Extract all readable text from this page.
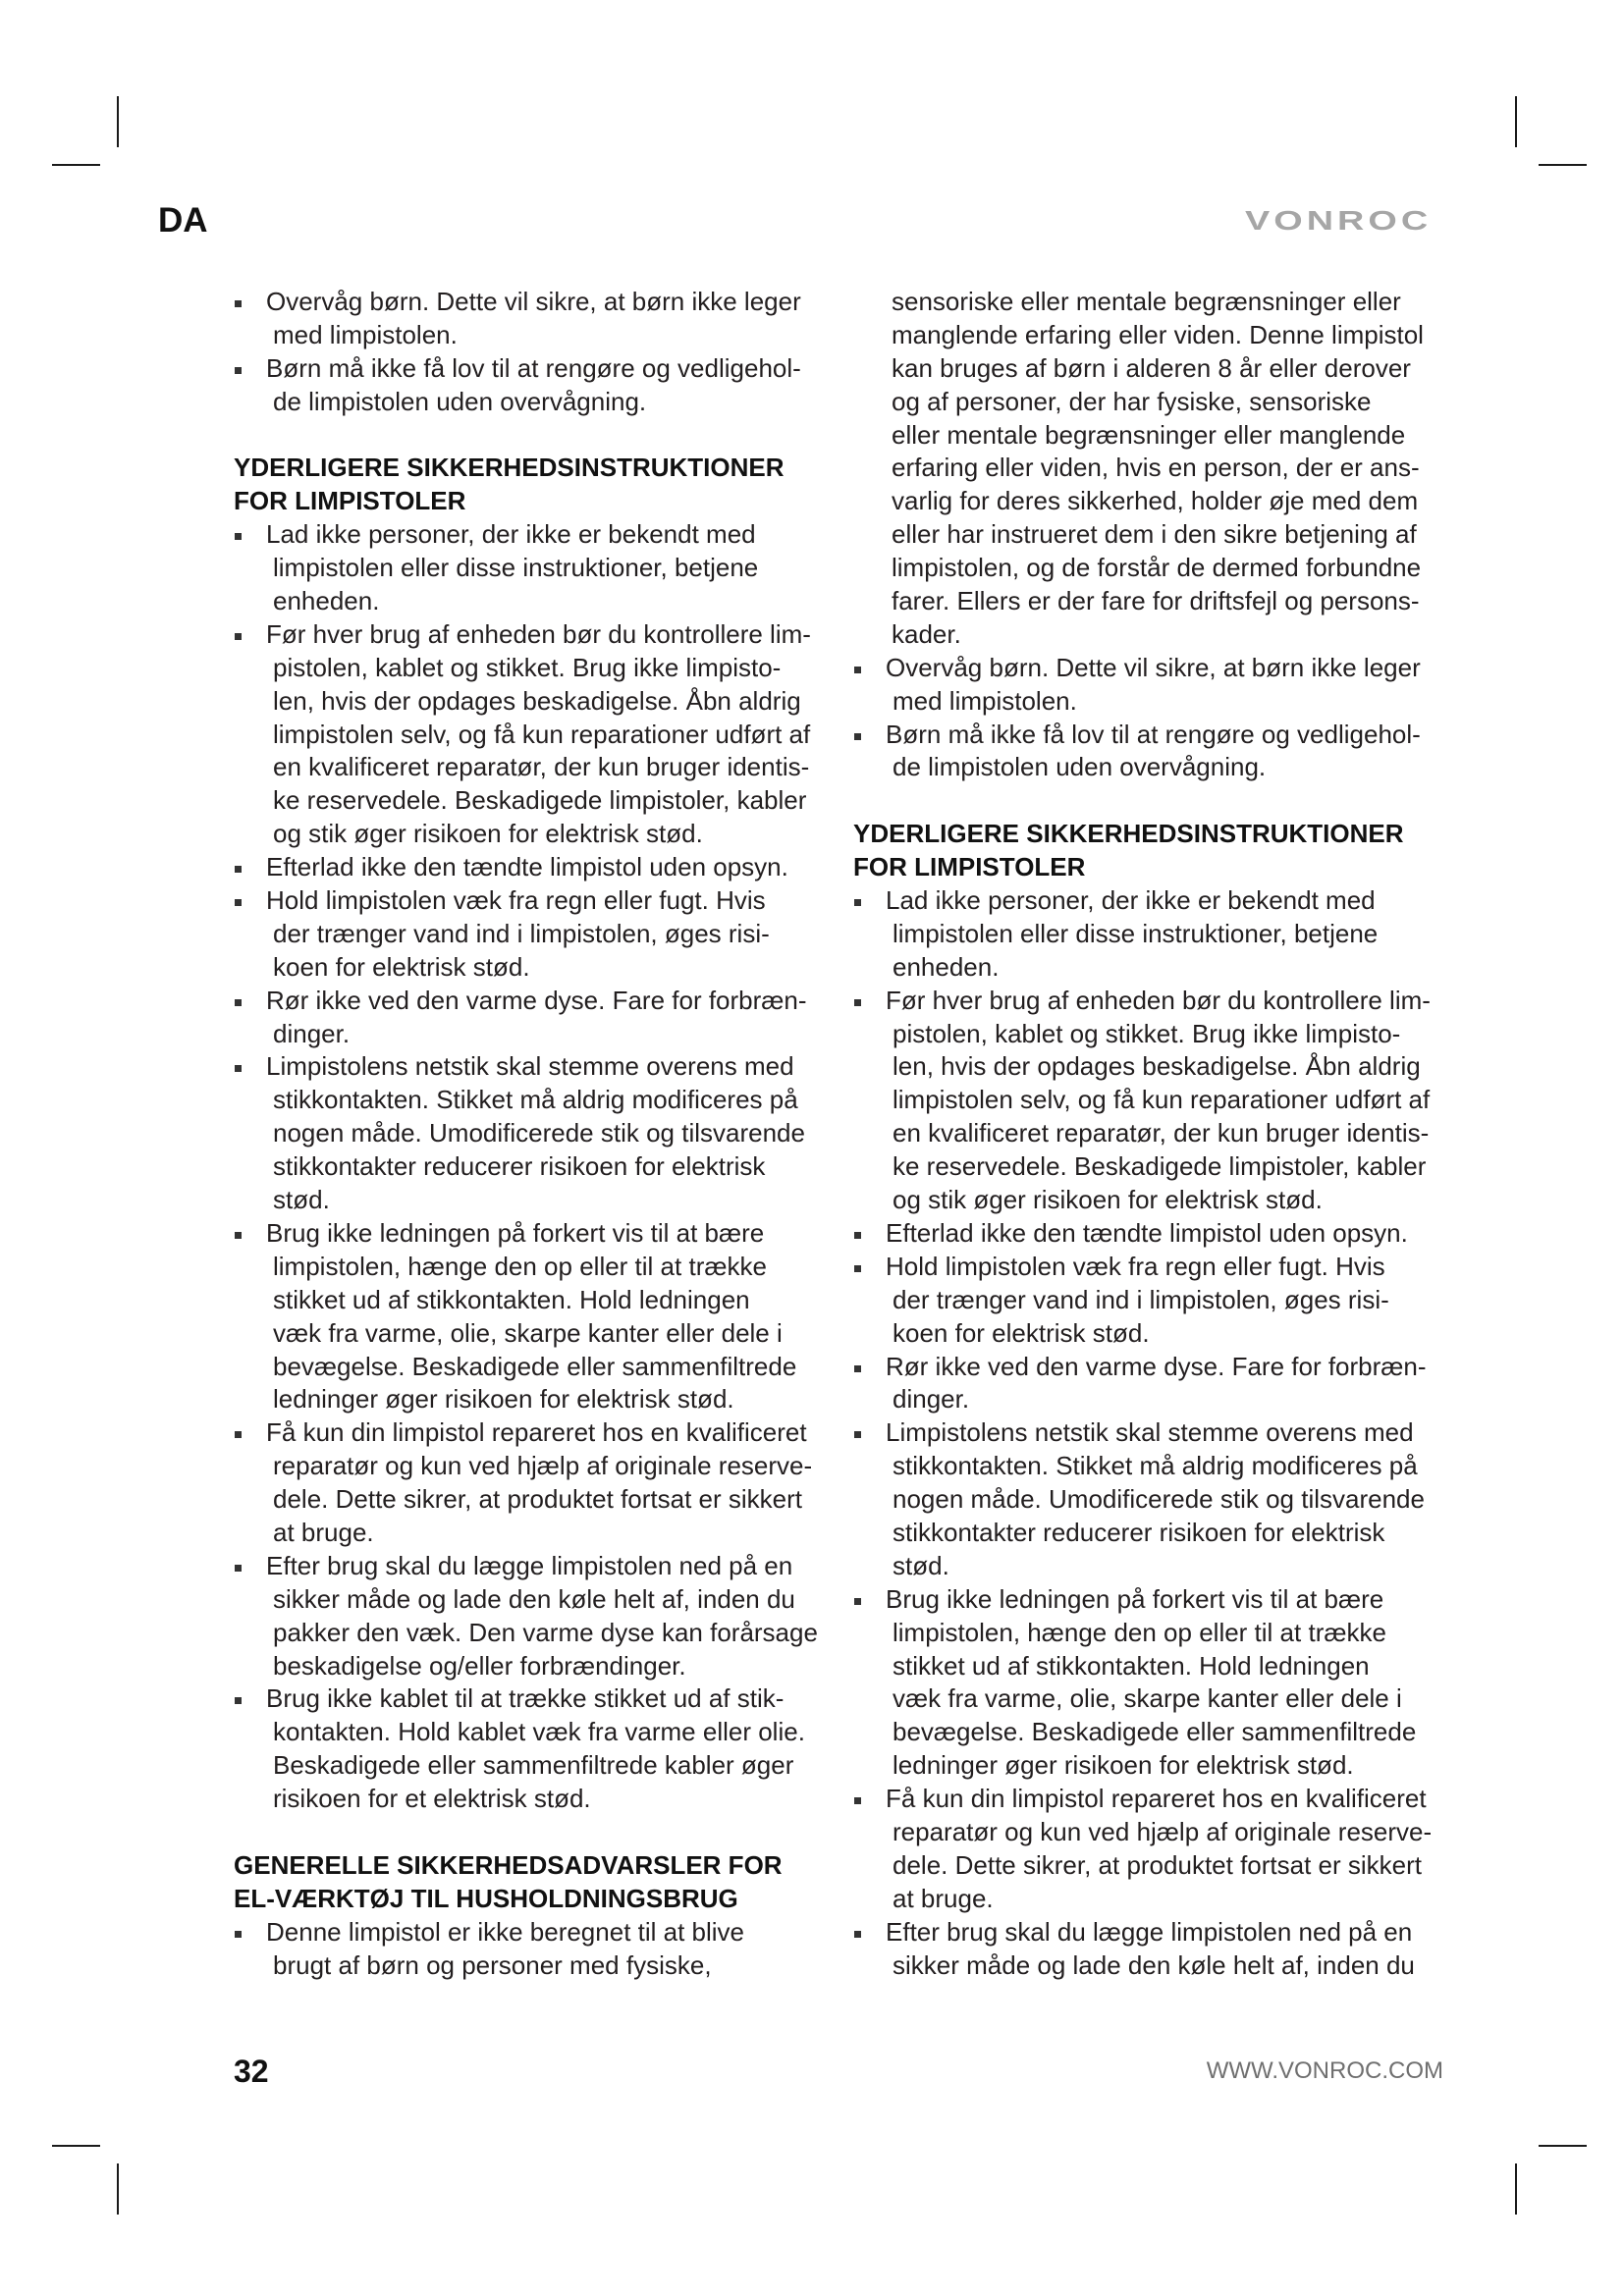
DA	VONROC
Overvåg børn. Dette vil sikre, at børn ikke leger
med limpistolen.
Børn må ikke få lov til at rengøre og vedligehol-
de limpistolen uden overvågning.
YDERLIGERE SIKKERHEDSINSTRUKTIONER
FOR LIMPISTOLER
Lad ikke personer, der ikke er bekendt med
limpistolen eller disse instruktioner, betjene
enheden.
Før hver brug af enheden bør du kontrollere lim-
pistolen, kablet og stikket. Brug ikke limpisto-
len, hvis der opdages beskadigelse. Åbn aldrig
limpistolen selv, og få kun reparationer udført af
en kvalificeret reparatør, der kun bruger identis-
ke reservedele. Beskadigede limpistoler, kabler
og stik øger risikoen for elektrisk stød.
Efterlad ikke den tændte limpistol uden opsyn.
Hold limpistolen væk fra regn eller fugt. Hvis
der trænger vand ind i limpistolen, øges risi-
koen for elektrisk stød.
Rør ikke ved den varme dyse. Fare for forbræn-
dinger.
Limpistolens netstik skal stemme overens med
stikkontakten. Stikket må aldrig modificeres på
nogen måde. Umodificerede stik og tilsvarende
stikkontakter reducerer risikoen for elektrisk
stød.
Brug ikke ledningen på forkert vis til at bære
limpistolen, hænge den op eller til at trække
stikket ud af stikkontakten. Hold ledningen
væk fra varme, olie, skarpe kanter eller dele i
bevægelse. Beskadigede eller sammenfiltrede
ledninger øger risikoen for elektrisk stød.
Få kun din limpistol repareret hos en kvalificeret
reparatør og kun ved hjælp af originale reserve-
dele. Dette sikrer, at produktet fortsat er sikkert
at bruge.
Efter brug skal du lægge limpistolen ned på en
sikker måde og lade den køle helt af, inden du
pakker den væk. Den varme dyse kan forårsage
beskadigelse og/eller forbrændinger.
Brug ikke kablet til at trække stikket ud af stik-
kontakten. Hold kablet væk fra varme eller olie.
Beskadigede eller sammenfiltrede kabler øger
risikoen for et elektrisk stød.
GENERELLE SIKKERHEDSADVARSLER FOR
EL-VÆRKTØJ TIL HUSHOLDNINGSBRUG
Denne limpistol er ikke beregnet til at blive
brugt af børn og personer med fysiske,
sensoriske eller mentale begrænsninger eller
manglende erfaring eller viden. Denne limpistol
kan bruges af børn i alderen 8 år eller derover
og af personer, der har fysiske, sensoriske
eller mentale begrænsninger eller manglende
erfaring eller viden, hvis en person, der er ans-
varlig for deres sikkerhed, holder øje med dem
eller har instrueret dem i den sikre betjening af
limpistolen, og de forstår de dermed forbundne
farer. Ellers er der fare for driftsfejl og persons-
kader.
Overvåg børn. Dette vil sikre, at børn ikke leger
med limpistolen.
Børn må ikke få lov til at rengøre og vedligehol-
de limpistolen uden overvågning.
YDERLIGERE SIKKERHEDSINSTRUKTIONER
FOR LIMPISTOLER
Lad ikke personer, der ikke er bekendt med
limpistolen eller disse instruktioner, betjene
enheden.
Før hver brug af enheden bør du kontrollere lim-
pistolen, kablet og stikket. Brug ikke limpisto-
len, hvis der opdages beskadigelse. Åbn aldrig
limpistolen selv, og få kun reparationer udført af
en kvalificeret reparatør, der kun bruger identis-
ke reservedele. Beskadigede limpistoler, kabler
og stik øger risikoen for elektrisk stød.
Efterlad ikke den tændte limpistol uden opsyn.
Hold limpistolen væk fra regn eller fugt. Hvis
der trænger vand ind i limpistolen, øges risi-
koen for elektrisk stød.
Rør ikke ved den varme dyse. Fare for forbræn-
dinger.
Limpistolens netstik skal stemme overens med
stikkontakten. Stikket må aldrig modificeres på
nogen måde. Umodificerede stik og tilsvarende
stikkontakter reducerer risikoen for elektrisk
stød.
Brug ikke ledningen på forkert vis til at bære
limpistolen, hænge den op eller til at trække
stikket ud af stikkontakten. Hold ledningen
væk fra varme, olie, skarpe kanter eller dele i
bevægelse. Beskadigede eller sammenfiltrede
ledninger øger risikoen for elektrisk stød.
Få kun din limpistol repareret hos en kvalificeret
reparatør og kun ved hjælp af originale reserve-
dele. Dette sikrer, at produktet fortsat er sikkert
at bruge.
Efter brug skal du lægge limpistolen ned på en
sikker måde og lade den køle helt af, inden du
32	WWW.VONROC.COM
